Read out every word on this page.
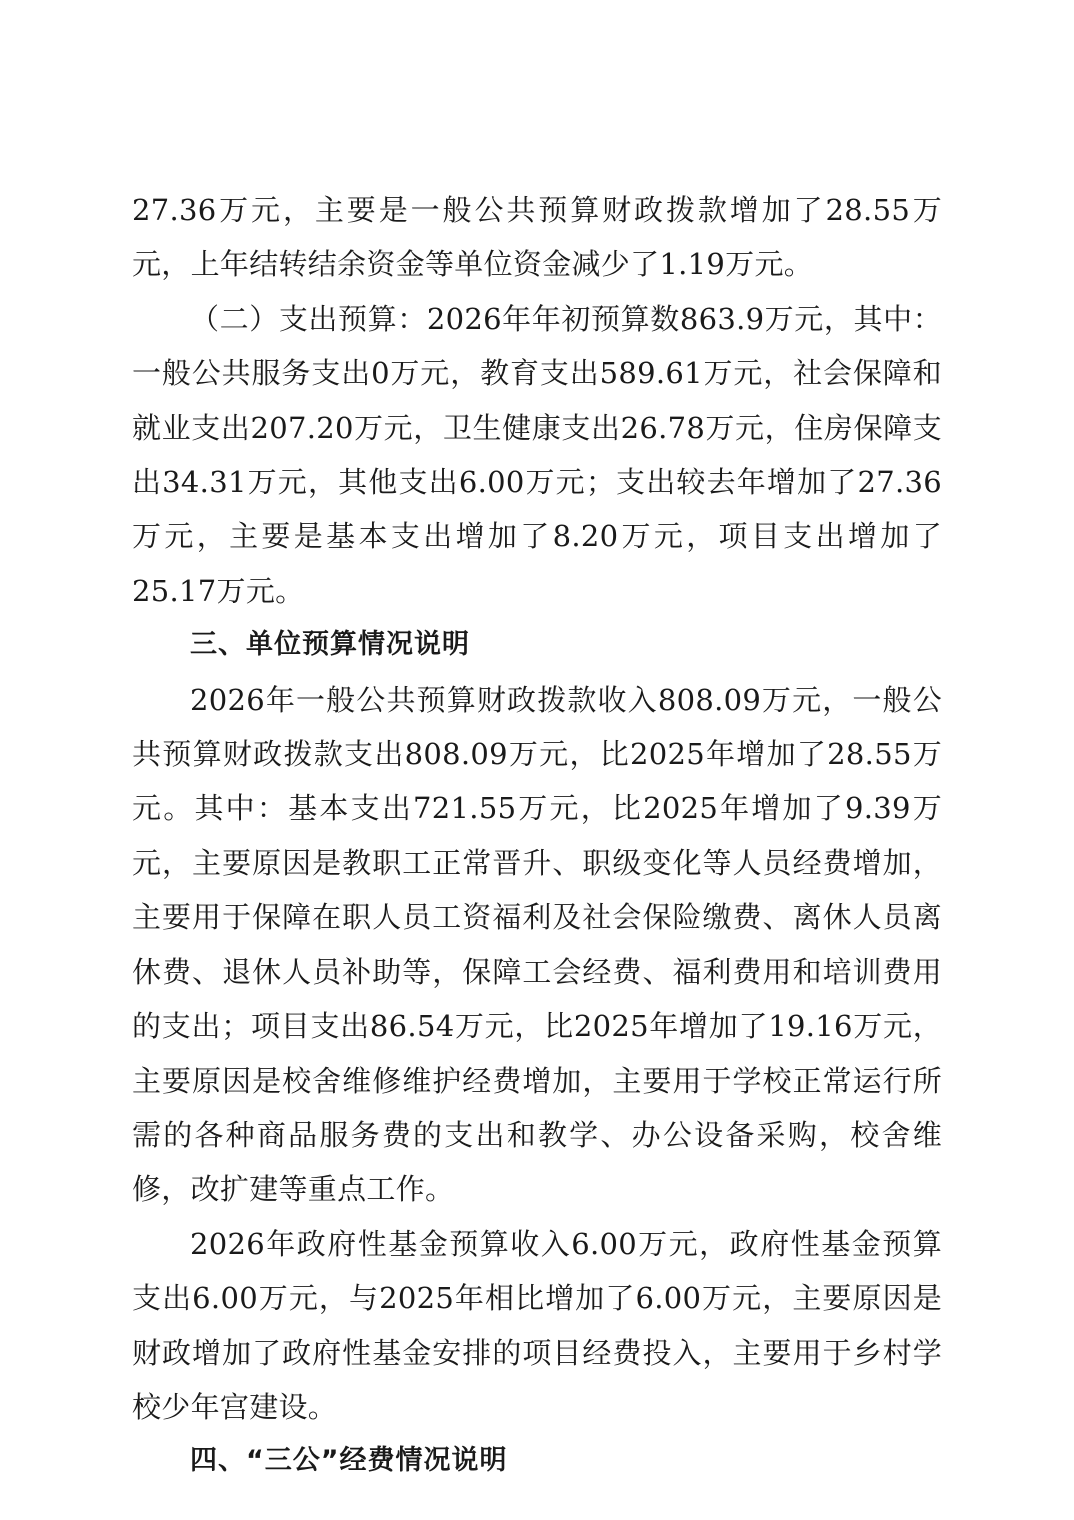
27.36万元，主要是一般公共预算财政拨款增加了28.55万元，上年结转结余资金等单位资金减少了1.19万元。

（二）支出预算：2026年年初预算数863.9万元，其中：一般公共服务支出0万元，教育支出589.61万元，社会保障和就业支出207.20万元，卫生健康支出26.78万元，住房保障支出34.31万元，其他支出6.00万元；支出较去年增加了27.36万元，主要是基本支出增加了8.20万元，项目支出增加了25.17万元。

三、单位预算情况说明

2026年一般公共预算财政拨款收入808.09万元，一般公共预算财政拨款支出808.09万元，比2025年增加了28.55万元。其中：基本支出721.55万元，比2025年增加了9.39万元，主要原因是教职工正常晋升、职级变化等人员经费增加，主要用于保障在职人员工资福利及社会保险缴费、离休人员离休费、退休人员补助等，保障工会经费、福利费用和培训费用的支出；项目支出86.54万元，比2025年增加了19.16万元，主要原因是校舍维修维护经费增加，主要用于学校正常运行所需的各种商品服务费的支出和教学、办公设备采购，校舍维修，改扩建等重点工作。

2026年政府性基金预算收入6.00万元，政府性基金预算支出6.00万元，与2025年相比增加了6.00万元，主要原因是财政增加了政府性基金安排的项目经费投入，主要用于乡村学校少年宫建设。

四、“三公”经费情况说明
